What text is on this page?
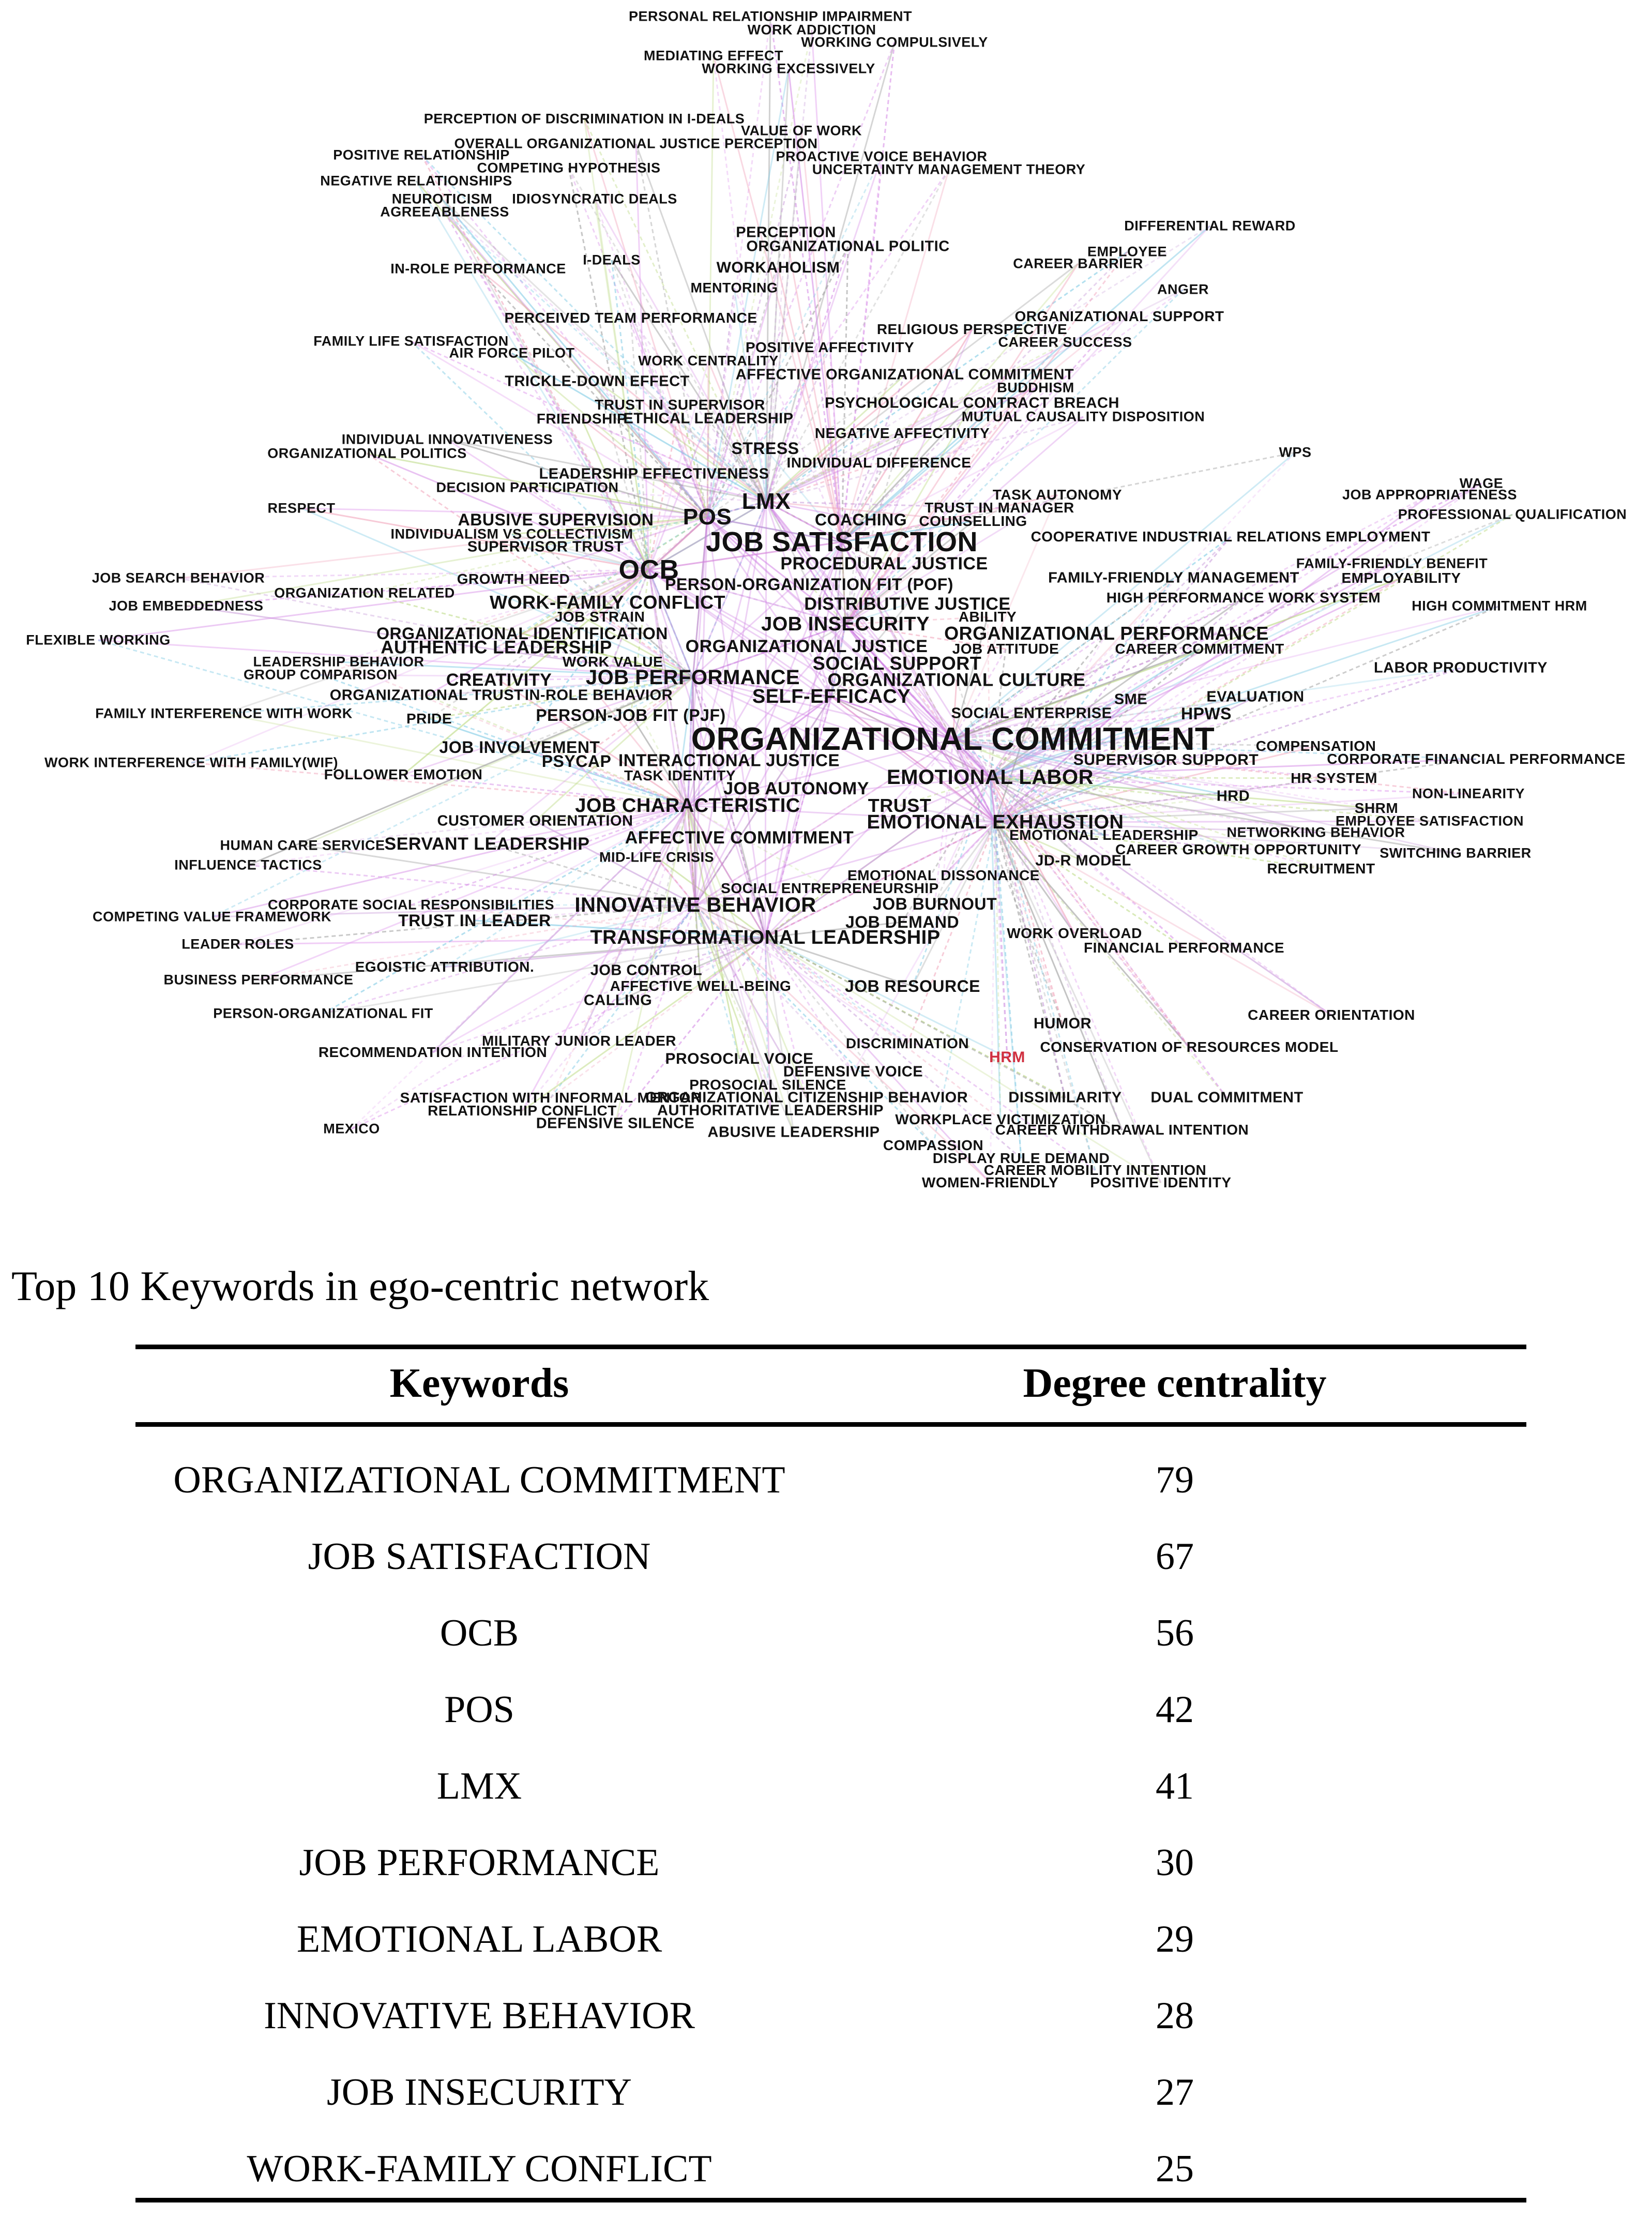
PERSONAL RELATIONSHIP IMPAIRMENT
WORK ADDICTION
WORKING COMPULSIVELY
MEDIATING EFFECT
WORKING EXCESSIVELY
PERCEPTION OF DISCRIMINATION IN I-DEALS
VALUE OF WORK
OVERALL ORGANIZATIONAL JUSTICE PERCEPTION
POSITIVE RELATIONSHIP	PROACTIVE VOICE BEHAVIOR
COMPETING HYPOTHESIS	UNCERTAINTY MANAGEMENT THEORY
NEGATIVE RELATIONSHIPS
NEUROTICISM IDIOSYNCRATIC DEALS
AGREEABLENESS
DIFFERENTIAL REWARD
PERCEPTION
ORGANIZATIONAL POLITIC	EMPLOYEE
I-DEALS
IN-ROLE PERFORMANCE	CAREER BARRIER
WORKAHOLISM
MENTORING	ANGER
ORGANIZATIONAL SUPPORT
PERCEIVED TEAM PERFORMANCE
RELIGIOUS PERSPECTIVE
FAMILY LIFE SATISFACTION	CAREER SUCCESS
POSITIVE AFFECTIVITY
AIR FORCE PILOT	WORK CENTRALITY
AFFECTIVE ORGANIZATIONAL COMMITMENT
TRICKLE-DOWN EFFECT	BUDDHISM
TRUST IN SUPERVISOR	PSYCHOLOGICAL CONTRACT BREACH
FRIENDSHIP
ETHICAL LEADERSHIP	MUTUAL CAUSALITY DISPOSITION
NEGATIVE AFFECTIVITY
INDIVIDUAL INNOVATIVENESS	STRESS	WPS
ORGANIZATIONAL POLITICS
INDIVIDUAL DIFFERENCE
LEADERSHIP EFFECTIVENESS
WAGE
DECISION PARTICIPATION	TASK AUTONOMY	JOB APPROPRIATENESS
LMX
RESPECT	TRUST IN MANAGER	PROFESSIONAL QUALIFICATION
POS
ABUSIVE SUPERVISION	COACHING COUNSELLING
INDIVIDUALISM VS COLLECTIVISM	COOPERATIVE INDUSTRIAL RELATIONS EMPLOYMENT
JOB SATISFACTION
SUPERVISOR TRUST
FAMILY-FRIENDLY BENEFIT
OCB
JOB SEARCH BEHAVIOR	GROWTH NEED	FAMILY-FRIENDLY MANAGEMENT	EMPLOYABILITY
PERSON-ORGANIZATION FIT (POF)
ORGANIZATION RELATED	HIGH PERFORMANCE WORK SYSTEM
JOB EMBEDDEDNESS	WORK-FAMILY CONFLICT
PROCEDURAL JUSTICE
DISTRIBUTIVE JUSTICE	HIGH COMMITMENT HRM
JOB STRAIN	ABILITY
JOB INSECURITY ORGANIZATIONAL PERFORMANCE
ORGANIZATIONAL IDENTIFICATION
FLEXIBLE WORKING	AUTHENTIC LEADERSHIP	ORGANIZATIONAL JUSTICE JOB ATTITUDE	CAREER COMMITMENT
LEADERSHIP BEHAVIOR	WORK VALUE	SOCIAL SUPPORT	LABOR PRODUCTIVITY
GROUP COMPARISON	CREATIVITY JOB PERFORMANCE ORGANIZATIONAL CULTURE
ORGANIZATIONAL TRUST IN-ROLE BEHAVIOR	SELF-EFFICACY	EVALUATION
SME
FAMILY INTERFERENCE WITH WORK	SOCIAL ENTERPRISE	HPWS
PRIDE	PERSON-JOB FIT (PJF)
ORGANIZATIONAL COMMITMENT	COMPENSATION
JOB INVOLVEMENT
CORPORATE FINANCIAL PERFORMANCE
SUPERVISOR SUPPORT
INTERACTIONAL JUSTICE
WORK INTERFERENCE WITH FAMILY(WIF)	PSYCAP
FOLLOWER EMOTION	TASK IDENTITY	EMOTIONAL LABOR	HR SYSTEM
JOB AUTONOMY	NON-LINEARITY
HRD
JOB CHARACTERISTIC	TRUST	SHRM
CUSTOMER ORIENTATION	EMOTIONAL EXHAUSTION	EMPLOYEE SATISFACTION
NETWORKING BEHAVIOR
AFFECTIVE COMMITMENT	EMOTIONAL LEADERSHIP
HUMAN CARE SERVICE SERVANT LEADERSHIP	CAREER GROWTH OPPORTUNITY SWITCHING BARRIER
MID-LIFE CRISIS	JD-R MODEL
INFLUENCE TACTICS	RECRUITMENT
EMOTIONAL DISSONANCE
SOCIAL ENTREPRENEURSHIP
CORPORATE SOCIAL RESPONSIBILITIES INNOVATIVE BEHAVIOR	JOB BURNOUT
COMPETING VALUE FRAMEWORK	TRUST IN LEADER	JOB DEMAND
WORK OVERLOAD
TRANSFORMATIONAL LEADERSHIP
LEADER ROLES	FINANCIAL PERFORMANCE
EGOISTIC ATTRIBUTION.	JOB CONTROL
BUSINESS PERFORMANCE	JOB RESOURCE
AFFECTIVE WELL-BEING
CALLING
PERSON-ORGANIZATIONAL FIT	CAREER ORIENTATION
HUMOR
MILITARY JUNIOR LEADER	DISCRIMINATION
RECOMMENDATION INTENTION	CONSERVATION OF RESOURCES MODEL
HRM
PROSOCIAL VOICE
DEFENSIVE VOICE
PROSOCIAL SILENCE
SATISFACTION WITH INFORMAL MENTOR
ORGANIZATIONAL CITIZENSHIP BEHAVIOR	DISSIMILARITY DUAL COMMITMENT
RELATIONSHIP CONFLICT	AUTHORITATIVE LEADERSHIP
WORKPLACE VICTIMIZATION
DEFENSIVE SILENCE
MEXICO	ABUSIVE LEADERSHIP	CAREER WITHDRAWAL INTENTION
COMPASSION
DISPLAY RULE DEMAND
CAREER MOBILITY INTENTION
WOMEN-FRIENDLY POSITIVE IDENTITY
Top 10 Keywords in ego-centric network
Keywords	Degree centrality

ORGANIZATIONAL COMMITMENT	79
JOB SATISFACTION	67
OCB	56
POS	42
LMX	41
JOB PERFORMANCE	30
EMOTIONAL LABOR	29
INNOVATIVE BEHAVIOR	28
JOB INSECURITY	27
WORK-FAMILY CONFLICT	25
